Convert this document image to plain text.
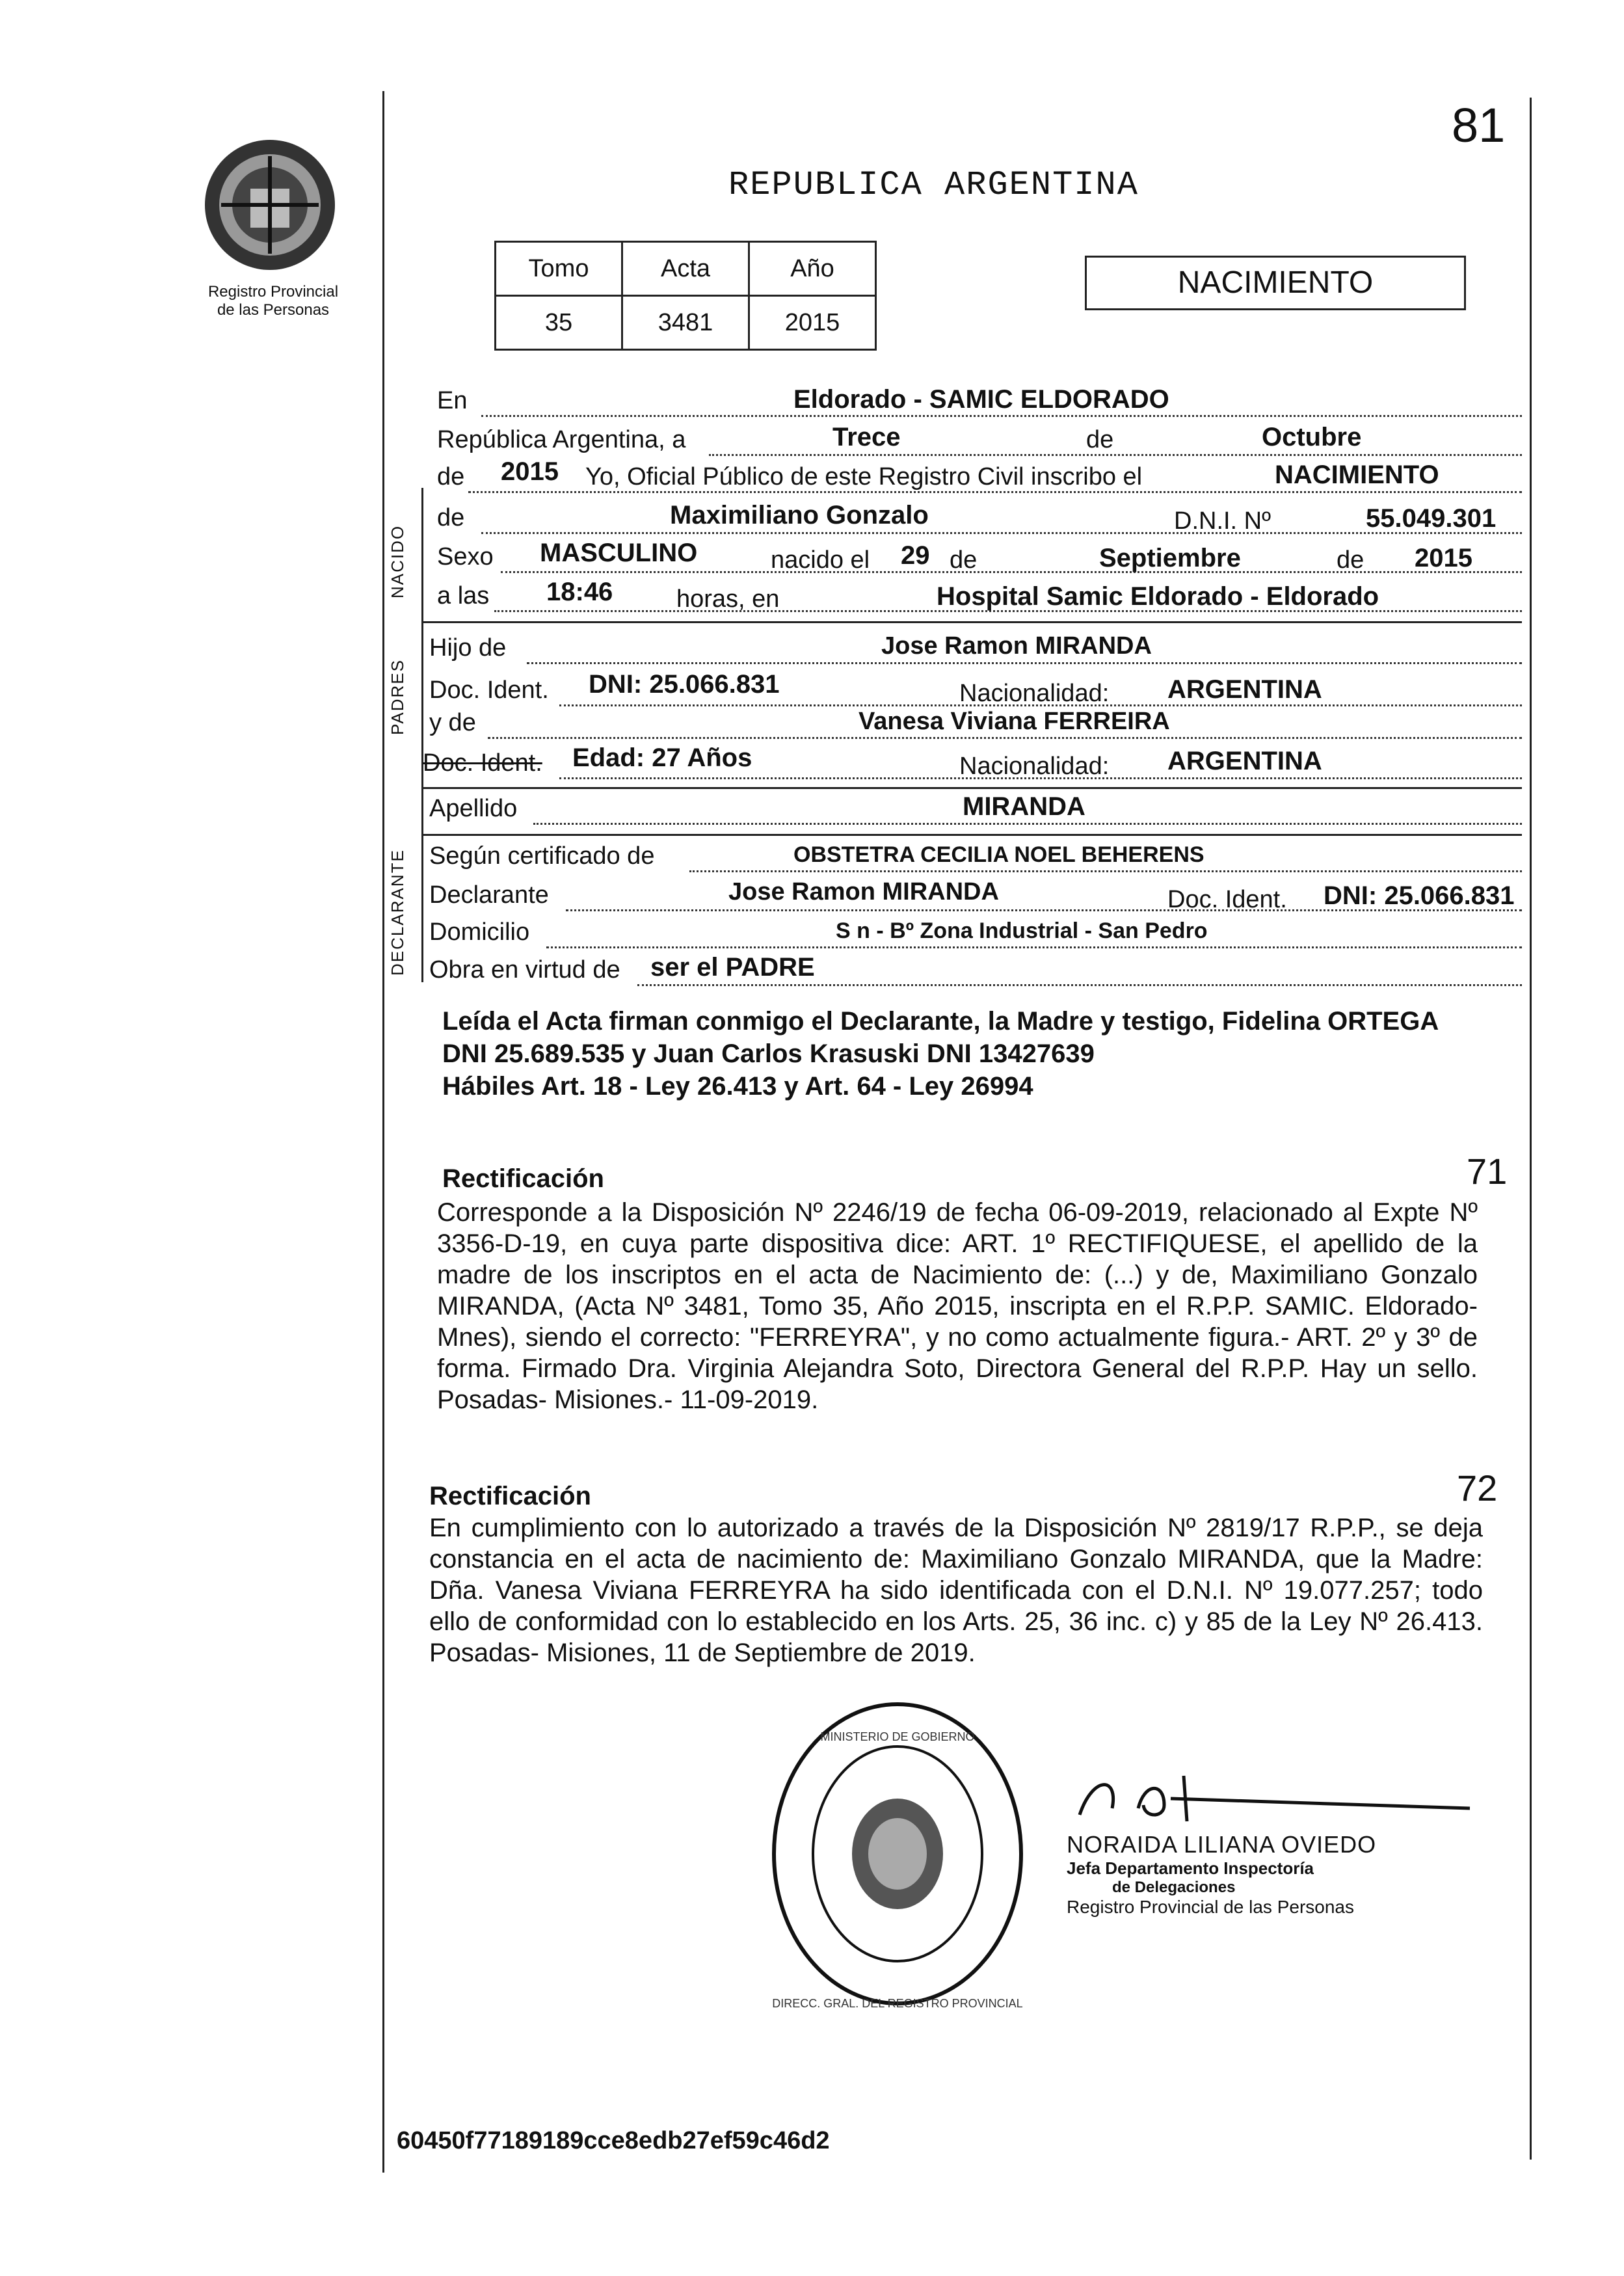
81
Registro Provincial
de las Personas
REPUBLICA ARGENTINA
Tomo	Acta	Año
35	3481	2015
NACIMIENTO
NACIDO
PADRES
DECLARANTE
En	Eldorado - SAMIC ELDORADO
República Argentina, a	Trece	de	Octubre
de 2015 Yo, Oficial Público de este Registro Civil inscribo el	NACIMIENTO
de	Maximiliano Gonzalo	D.N.I. Nº	55.049.301
Sexo MASCULINO	nacido el 29 de	Septiembre	de 2015
a las 18:46	horas, en	Hospital Samic Eldorado - Eldorado
Hijo de	Jose Ramon MIRANDA
Doc. Ident. DNI: 25.066.831	Nacionalidad: ARGENTINA
y de	Vanesa Viviana FERREIRA
Doc. Ident. Edad: 27 Años	Nacionalidad: ARGENTINA
Apellido	MIRANDA
Según certificado de	OBSTETRA CECILIA NOEL BEHERENS
Declarante	Jose Ramon MIRANDA	Doc. Ident. DNI: 25.066.831
Domicilio	S n - Bº Zona Industrial - San Pedro
Obra en virtud de ser el PADRE
Leída el Acta firman conmigo el Declarante, la Madre y testigo, Fidelina ORTEGA
DNI 25.689.535 y Juan Carlos Krasuski DNI 13427639
Hábiles Art. 18 - Ley 26.413 y Art. 64 - Ley 26994
Rectificación	71
Corresponde a la Disposición Nº 2246/19 de fecha 06-09-2019, relacionado al Expte Nº 3356-D-19, en cuya parte dispositiva dice: ART. 1º RECTIFIQUESE, el apellido de la madre de los inscriptos en el acta de Nacimiento de: (...) y de, Maximiliano Gonzalo MIRANDA, (Acta Nº 3481, Tomo 35, Año 2015, inscripta en el R.P.P. SAMIC. Eldorado-Mnes), siendo el correcto: "FERREYRA", y no como actualmente figura.- ART. 2º y 3º de forma. Firmado Dra. Virginia Alejandra Soto, Directora General del R.P.P. Hay un sello. Posadas- Misiones.- 11-09-2019.
Rectificación	72
En cumplimiento con lo autorizado a través de la Disposición Nº 2819/17 R.P.P., se deja constancia en el acta de nacimiento de: Maximiliano Gonzalo MIRANDA, que la Madre: Dña. Vanesa Viviana FERREYRA ha sido identificada con el D.N.I. Nº 19.077.257; todo ello de conformidad con lo establecido en los Arts. 25, 36 inc. c) y 85 de la Ley Nº 26.413. Posadas- Misiones, 11 de Septiembre de 2019.
DIRECC. GRAL. DEL REGISTRO PROVINCIAL
MINISTERIO DE GOBIERNO
NORAIDA LILIANA OVIEDO
Jefa Departamento Inspectoría
de Delegaciones
Registro Provincial de las Personas
60450f77189189cce8edb27ef59c46d2
